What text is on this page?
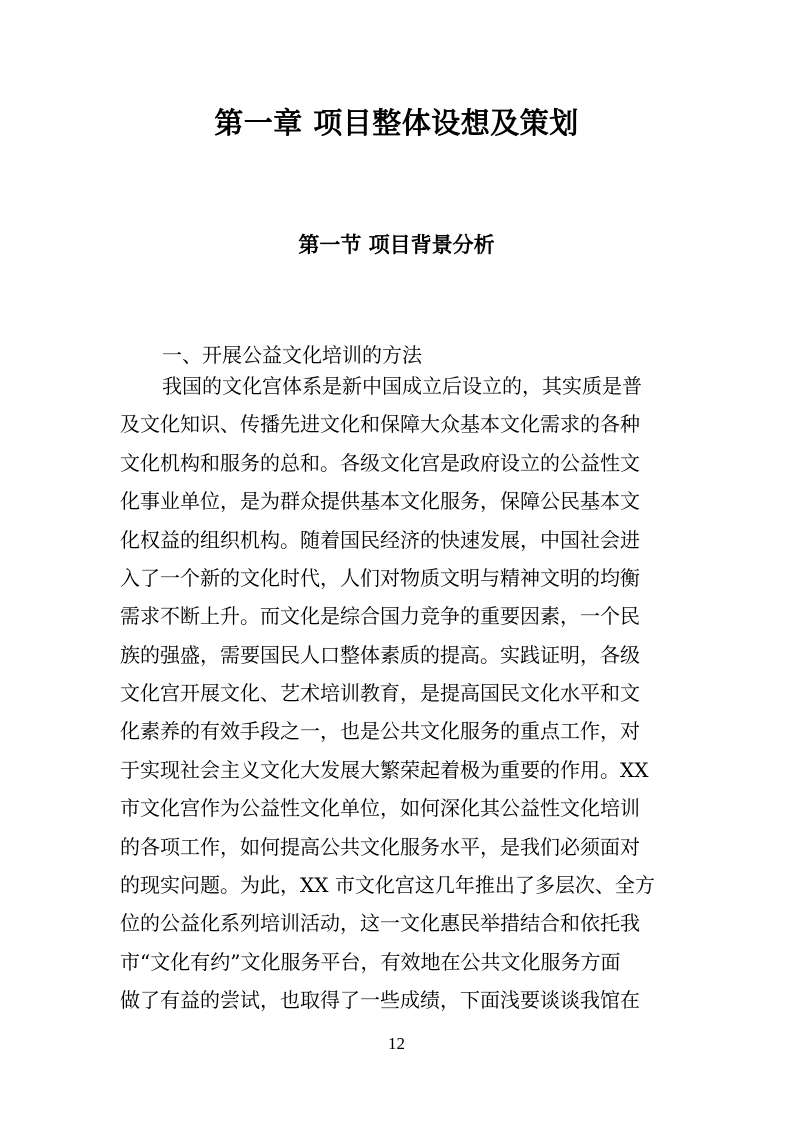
第一章 项目整体设想及策划
第一节 项目背景分析
一、开展公益文化培训的方法
我国的文化宫体系是新中国成立后设立的，其实质是普
及文化知识、传播先进文化和保障大众基本文化需求的各种
文化机构和服务的总和。各级文化宫是政府设立的公益性文
化事业单位，是为群众提供基本文化服务，保障公民基本文
化权益的组织机构。随着国民经济的快速发展，中国社会进
入了一个新的文化时代，人们对物质文明与精神文明的均衡
需求不断上升。而文化是综合国力竞争的重要因素，一个民
族的强盛，需要国民人口整体素质的提高。实践证明，各级
文化宫开展文化、艺术培训教育，是提高国民文化水平和文
化素养的有效手段之一，也是公共文化服务的重点工作，对
于实现社会主义文化大发展大繁荣起着极为重要的作用。XX
市文化宫作为公益性文化单位，如何深化其公益性文化培训
的各项工作，如何提高公共文化服务水平，是我们必须面对
的现实问题。为此，XX 市文化宫这几年推出了多层次、全方
位的公益化系列培训活动，这一文化惠民举措结合和依托我
市“文化有约”文化服务平台，有效地在公共文化服务方面
做了有益的尝试，也取得了一些成绩，下面浅要谈谈我馆在
12
